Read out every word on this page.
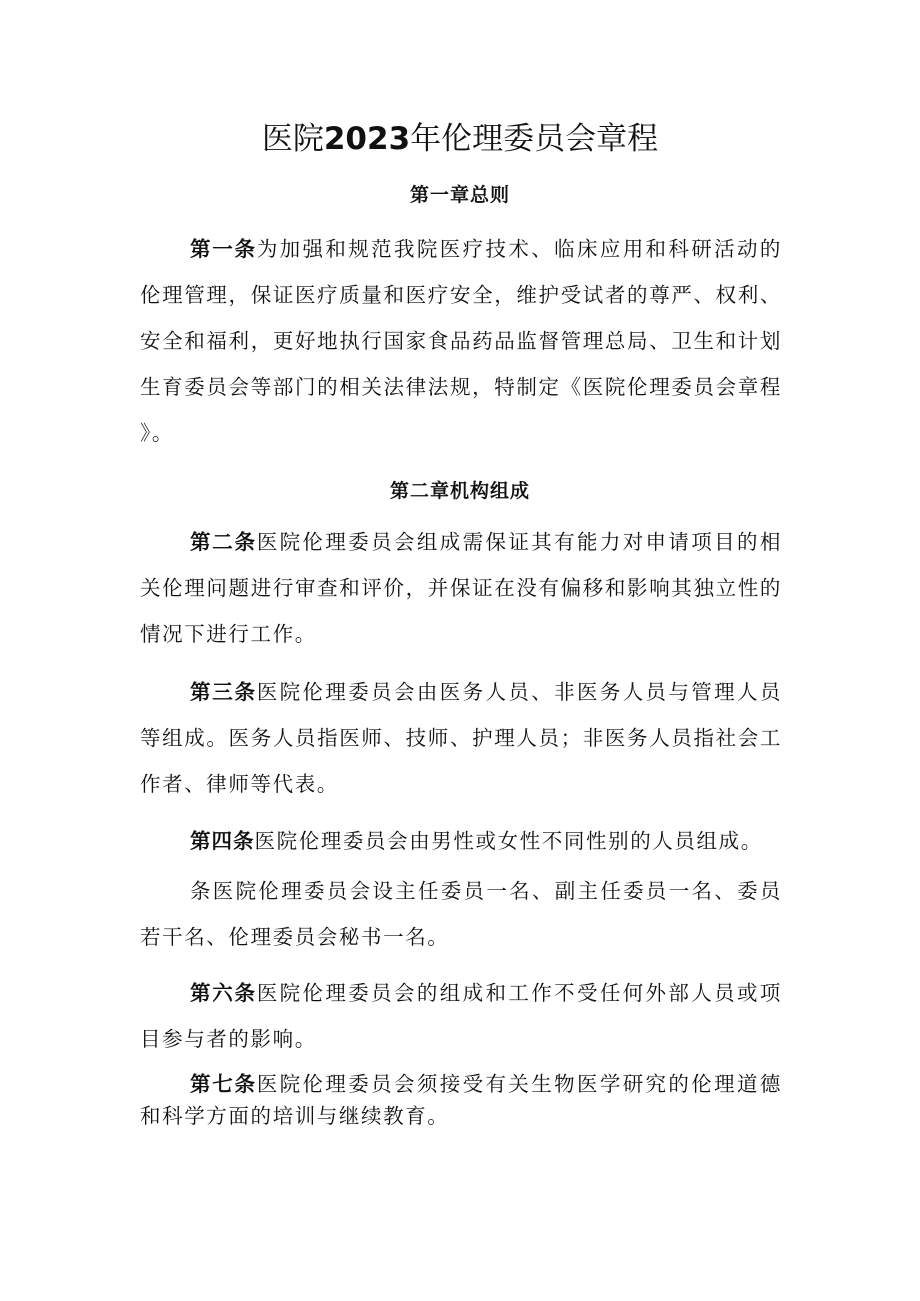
医院2023年伦理委员会章程
第一章总则

第一条为加强和规范我院医疗技术、临床应用和科研活动的伦理管理，保证医疗质量和医疗安全，维护受试者的尊严、权利、安全和福利，更好地执行国家食品药品监督管理总局、卫生和计划生育委员会等部门的相关法律法规，特制定《医院伦理委员会章程》。

第二章机构组成

第二条医院伦理委员会组成需保证其有能力对申请项目的相关伦理问题进行审查和评价，并保证在没有偏移和影响其独立性的情况下进行工作。

第三条医院伦理委员会由医务人员、非医务人员与管理人员等组成。医务人员指医师、技师、护理人员；非医务人员指社会工作者、律师等代表。

第四条医院伦理委员会由男性或女性不同性别的人员组成。

条医院伦理委员会设主任委员一名、副主任委员一名、委员若干名、伦理委员会秘书一名。

第六条医院伦理委员会的组成和工作不受任何外部人员或项目参与者的影响。

第七条医院伦理委员会须接受有关生物医学研究的伦理道德和科学方面的培训与继续教育。
